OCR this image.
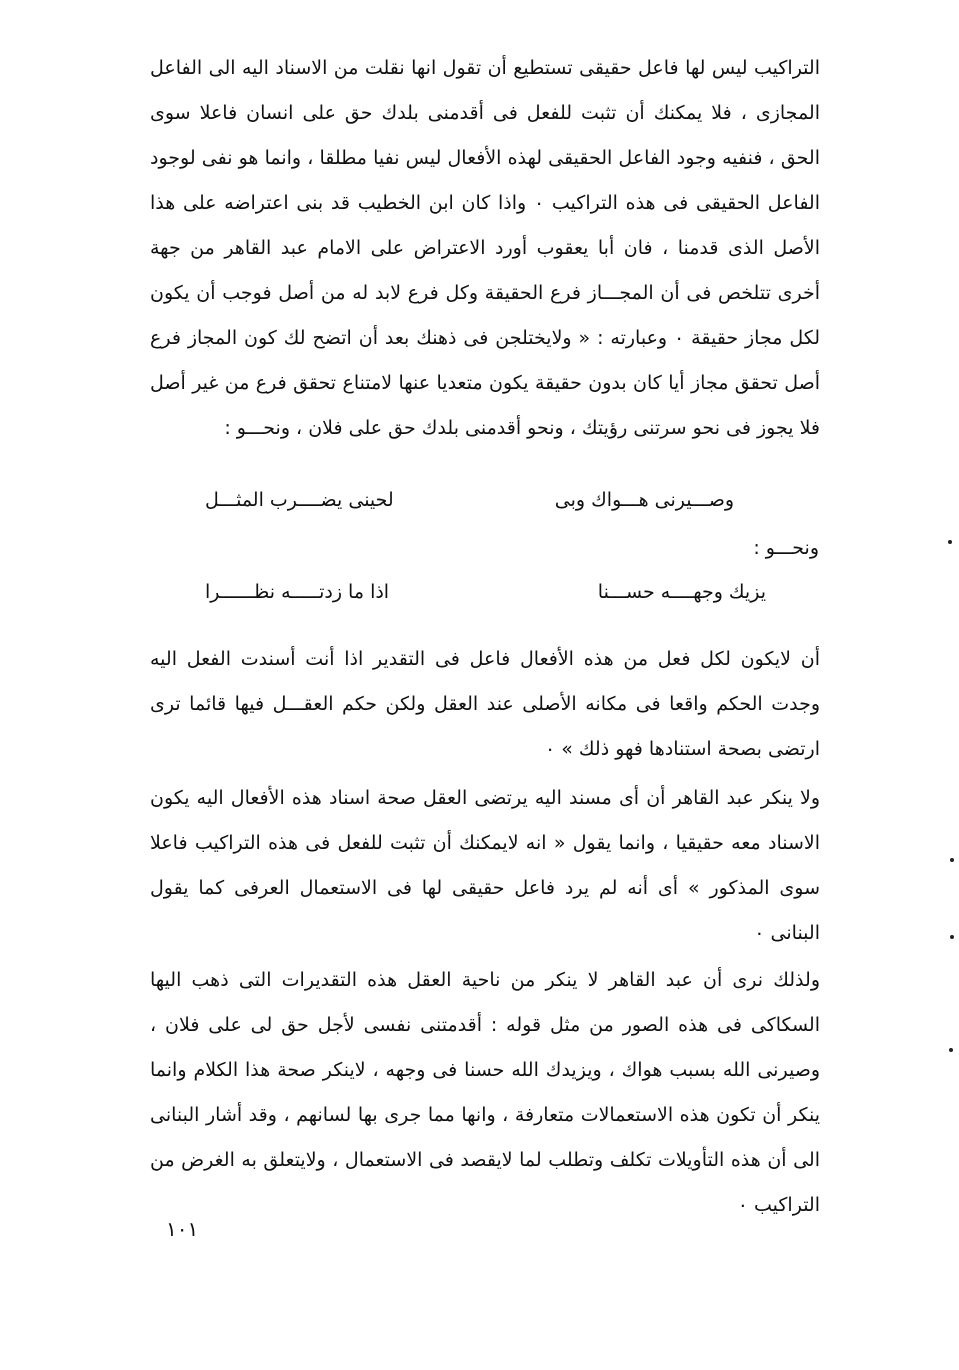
التراكيب ليس لها فاعل حقيقى تستطيع أن تقول انها نقلت من الاسناد اليه الى الفاعل المجازى ، فلا يمكنك أن تثبت للفعل فى أقدمنى بلدك حق على انسان فاعلا سوى الحق ، فنفيه وجود الفاعل الحقيقى لهذه الأفعال ليس نفيا مطلقا ، وانما هو نفى لوجود الفاعل الحقيقى فى هذه التراكيب ٠ واذا كان ابن الخطيب قد بنى اعتراضه على هذا الأصل الذى قدمنا ، فان أبا يعقوب أورد الاعتراض على الامام عبد القاهر من جهة أخرى تتلخص فى أن المجـــاز فرع الحقيقة وكل فرع لابد له من أصل فوجب أن يكون لكل مجاز حقيقة ٠ وعبارته : « ولايختلجن فى ذهنك بعد أن اتضح لك كون المجاز فرع أصل تحقق مجاز أيا كان بدون حقيقة يكون متعديا عنها لامتناع تحقق فرع من غير أصل فلا يجوز فى نحو سرتنى رؤيتك ، ونحو أقدمنى بلدك حق على فلان ، ونحـــو :

وصـــيرنى هـــواك وبى
لحينى يضــــرب المثـــل
ونحـــو :
يزيك وجهــــه حســـنا
اذا ما زدتـــــه نظــــــرا

أن لايكون لكل فعل من هذه الأفعال فاعل فى التقدير اذا أنت أسندت الفعل اليه وجدت الحكم واقعا فى مكانه الأصلى عند العقل ولكن حكم العقـــل فيها قائما ترى ارتضى بصحة استنادها فهو ذلك » ٠

ولا ينكر عبد القاهر أن أى مسند اليه يرتضى العقل صحة اسناد هذه الأفعال اليه يكون الاسناد معه حقيقيا ، وانما يقول « انه لايمكنك أن تثبت للفعل فى هذه التراكيب فاعلا سوى المذكور » أى أنه لم يرد فاعل حقيقى لها فى الاستعمال العرفى كما يقول البنانى ٠

ولذلك نرى أن عبد القاهر لا ينكر من ناحية العقل هذه التقديرات التى ذهب اليها السكاكى فى هذه الصور من مثل قوله : أقدمتنى نفسى لأجل حق لى على فلان ، وصيرنى الله بسبب هواك ، ويزيدك الله حسنا فى وجهه ، لاينكر صحة هذا الكلام وانما ينكر أن تكون هذه الاستعمالات متعارفة ، وانها مما جرى بها لسانهم ، وقد أشار البنانى الى أن هذه التأويلات تكلف وتطلب لما لايقصد فى الاستعمال ، ولايتعلق به الغرض من التراكيب ٠

١٠١
